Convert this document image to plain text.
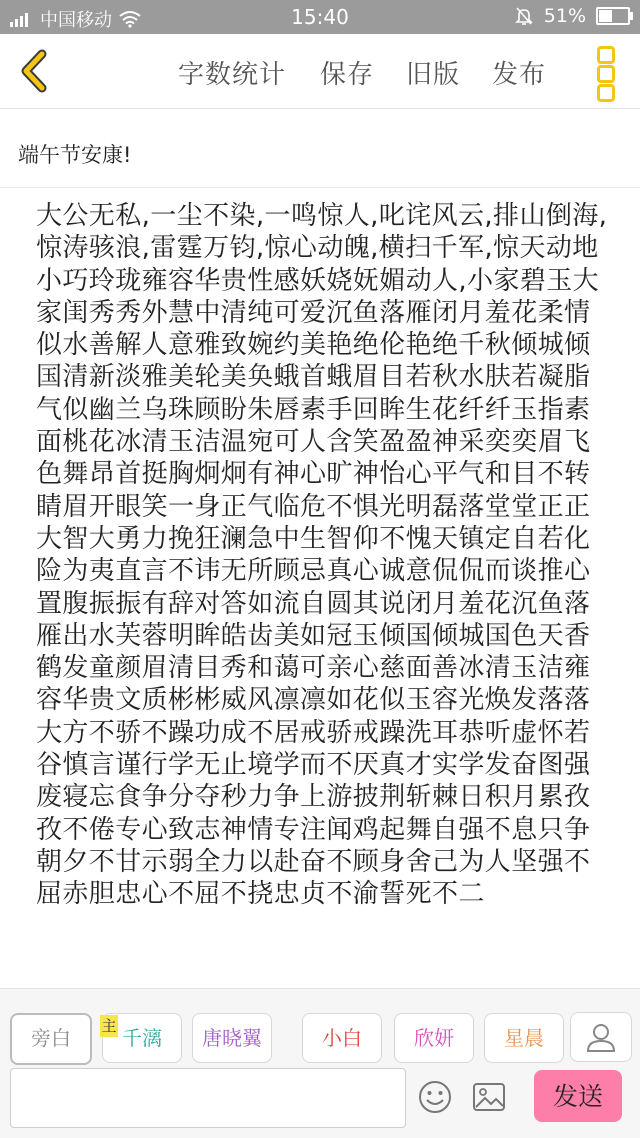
中国移动	15:40	51%
字数统计 保存 旧版 发布
端午节安康!
大公无私,一尘不染,一鸣惊人,叱诧风云,排山倒海,惊涛骇浪,雷霆万钧,惊心动魄,横扫千军,惊天动地小巧玲珑雍容华贵性感妖娆妩媚动人,小家碧玉大家闺秀秀外慧中清纯可爱沉鱼落雁闭月羞花柔情似水善解人意雅致婉约美艳绝伦艳绝千秋倾城倾国清新淡雅美轮美奂蛾首蛾眉目若秋水肤若凝脂气似幽兰乌珠顾盼朱唇素手回眸生花纤纤玉指素面桃花冰清玉洁温宛可人含笑盈盈神采奕奕眉飞色舞昂首挺胸炯炯有神心旷神怡心平气和目不转睛眉开眼笑一身正气临危不惧光明磊落堂堂正正大智大勇力挽狂澜急中生智仰不愧天镇定自若化险为夷直言不讳无所顾忌真心诚意侃侃而谈推心置腹振振有辞对答如流自圆其说闭月羞花沉鱼落雁出水芙蓉明眸皓齿美如冠玉倾国倾城国色天香鹤发童颜眉清目秀和蔼可亲心慈面善冰清玉洁雍容华贵文质彬彬威风凛凛如花似玉容光焕发落落大方不骄不躁功成不居戒骄戒躁洗耳恭听虚怀若谷慎言谨行学无止境学而不厌真才实学发奋图强废寝忘食争分夺秒力争上游披荆斩棘日积月累孜孜不倦专心致志神情专注闻鸡起舞自强不息只争朝夕不甘示弱全力以赴奋不顾身舍己为人坚强不屈赤胆忠心不屈不挠忠贞不渝誓死不二
旁白	千漓	唐晓翼	小白	欣妍	星晨
主
发送
